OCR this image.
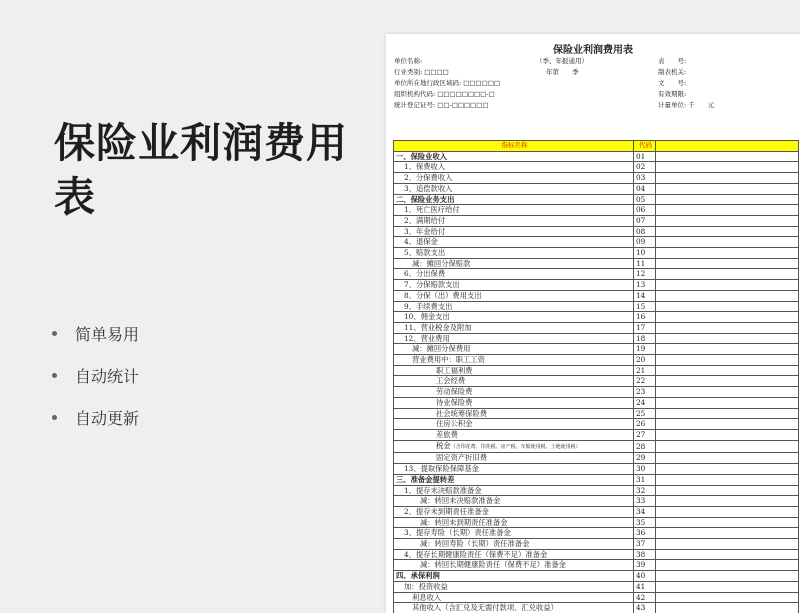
保险业利润费用表
简单易用
自动统计
自动更新
保险业利润费用表
单位名称:
行业类别: □□□□
单位所在地行政区域码: □□□□□□
组织机构代码: □□□□□□□□-□
统计登记证号: □□-□□□□□□
（季、年报通用）
年第　　季
表　　号:
制表机关:
文　　号:
有效期限:
计量单位: 千　　元
指标名称	代码	
一、保险业收入	01	
1、保费收入	02	
2、分保费收入	03	
3、追偿款收入	04	
二、保险业务支出	05	
1、死亡医疗给付	06	
2、满期给付	07	
3、年金给付	08	
4、退保金	09	
5、赔款支出	10	
减：摊回分保赔款	11	
6、分出保费	12	
7、分保赔款支出	13	
8、分保（出）费用支出	14	
9、手续费支出	15	
10、佣金支出	16	
11、营业税金及附加	17	
12、营业费用	18	
减：摊回分保费用	19	
营业费用中：职工工资	20	
职工福利费	21	
工会经费	22	
劳动保险费	23	
待业保险费	24	
社会统筹保险费	25	
住房公积金	26	
差旅费	27	
税金（含印花费、印花税、房产税、车船使用税、土地使用税）	28	
固定资产折旧费	29	
13、提取保险保障基金	30	
三、准备金提转差	31	
1、提存未决赔款准备金	32	
减：转回未决赔款准备金	33	
2、提存未到期责任准备金	34	
减：转回未到期责任准备金	35	
3、提存寿险（长期）责任准备金	36	
减：转回寿险（长期）责任准备金	37	
4、提存长期健康险责任（保费不足）准备金	38	
减：转回长期健康险责任（保费不足）准备金	39	
四、承保利润	40	
加：投资收益	41	
利息收入	42	
其他收入（含汇兑及无需付款项、汇兑收益）	43	
